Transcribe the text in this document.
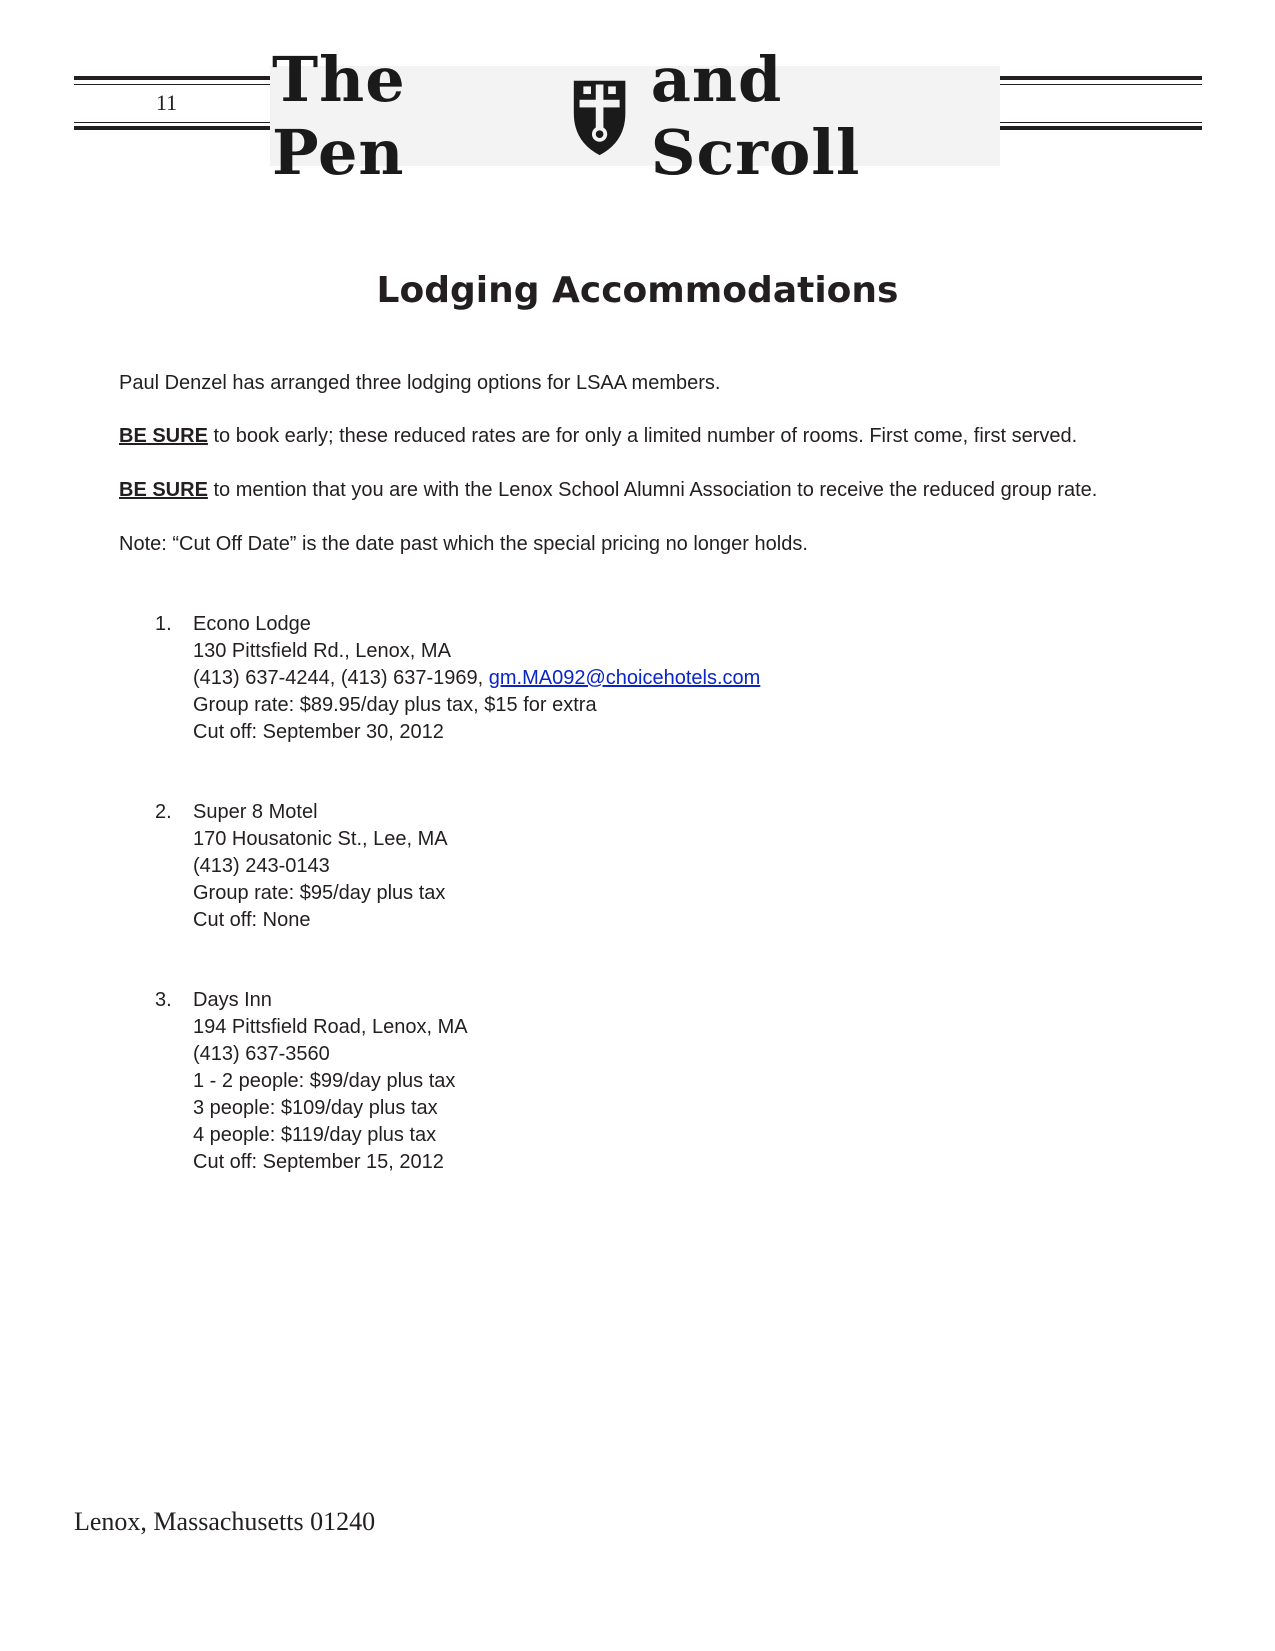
11 The Pen
and Scroll
Lodging Accommodations

Paul Denzel has arranged three lodging options for LSAA members.

BE SURE to book early; these reduced rates are for only a limited number of rooms. First come, first served.

BE SURE to mention that you are with the Lenox School Alumni Association to receive the reduced group rate.

Note: “Cut Off Date” is the date past which the special pricing no longer holds.

1.	Econo Lodge
130 Pittsfield Rd., Lenox, MA
(413) 637-4244, (413) 637-1969, gm.MA092@choicehotels.com
Group rate: $89.95/day plus tax, $15 for extra
Cut off: September 30, 2012
2.	Super 8 Motel
170 Housatonic St., Lee, MA
(413) 243-0143
Group rate: $95/day plus tax
Cut off: None
3.	Days Inn
194 Pittsfield Road, Lenox, MA
(413) 637-3560
1 - 2 people: $99/day plus tax
3 people: $109/day plus tax
4 people: $119/day plus tax
Cut off: September 15, 2012
Lenox, Massachusetts 01240
